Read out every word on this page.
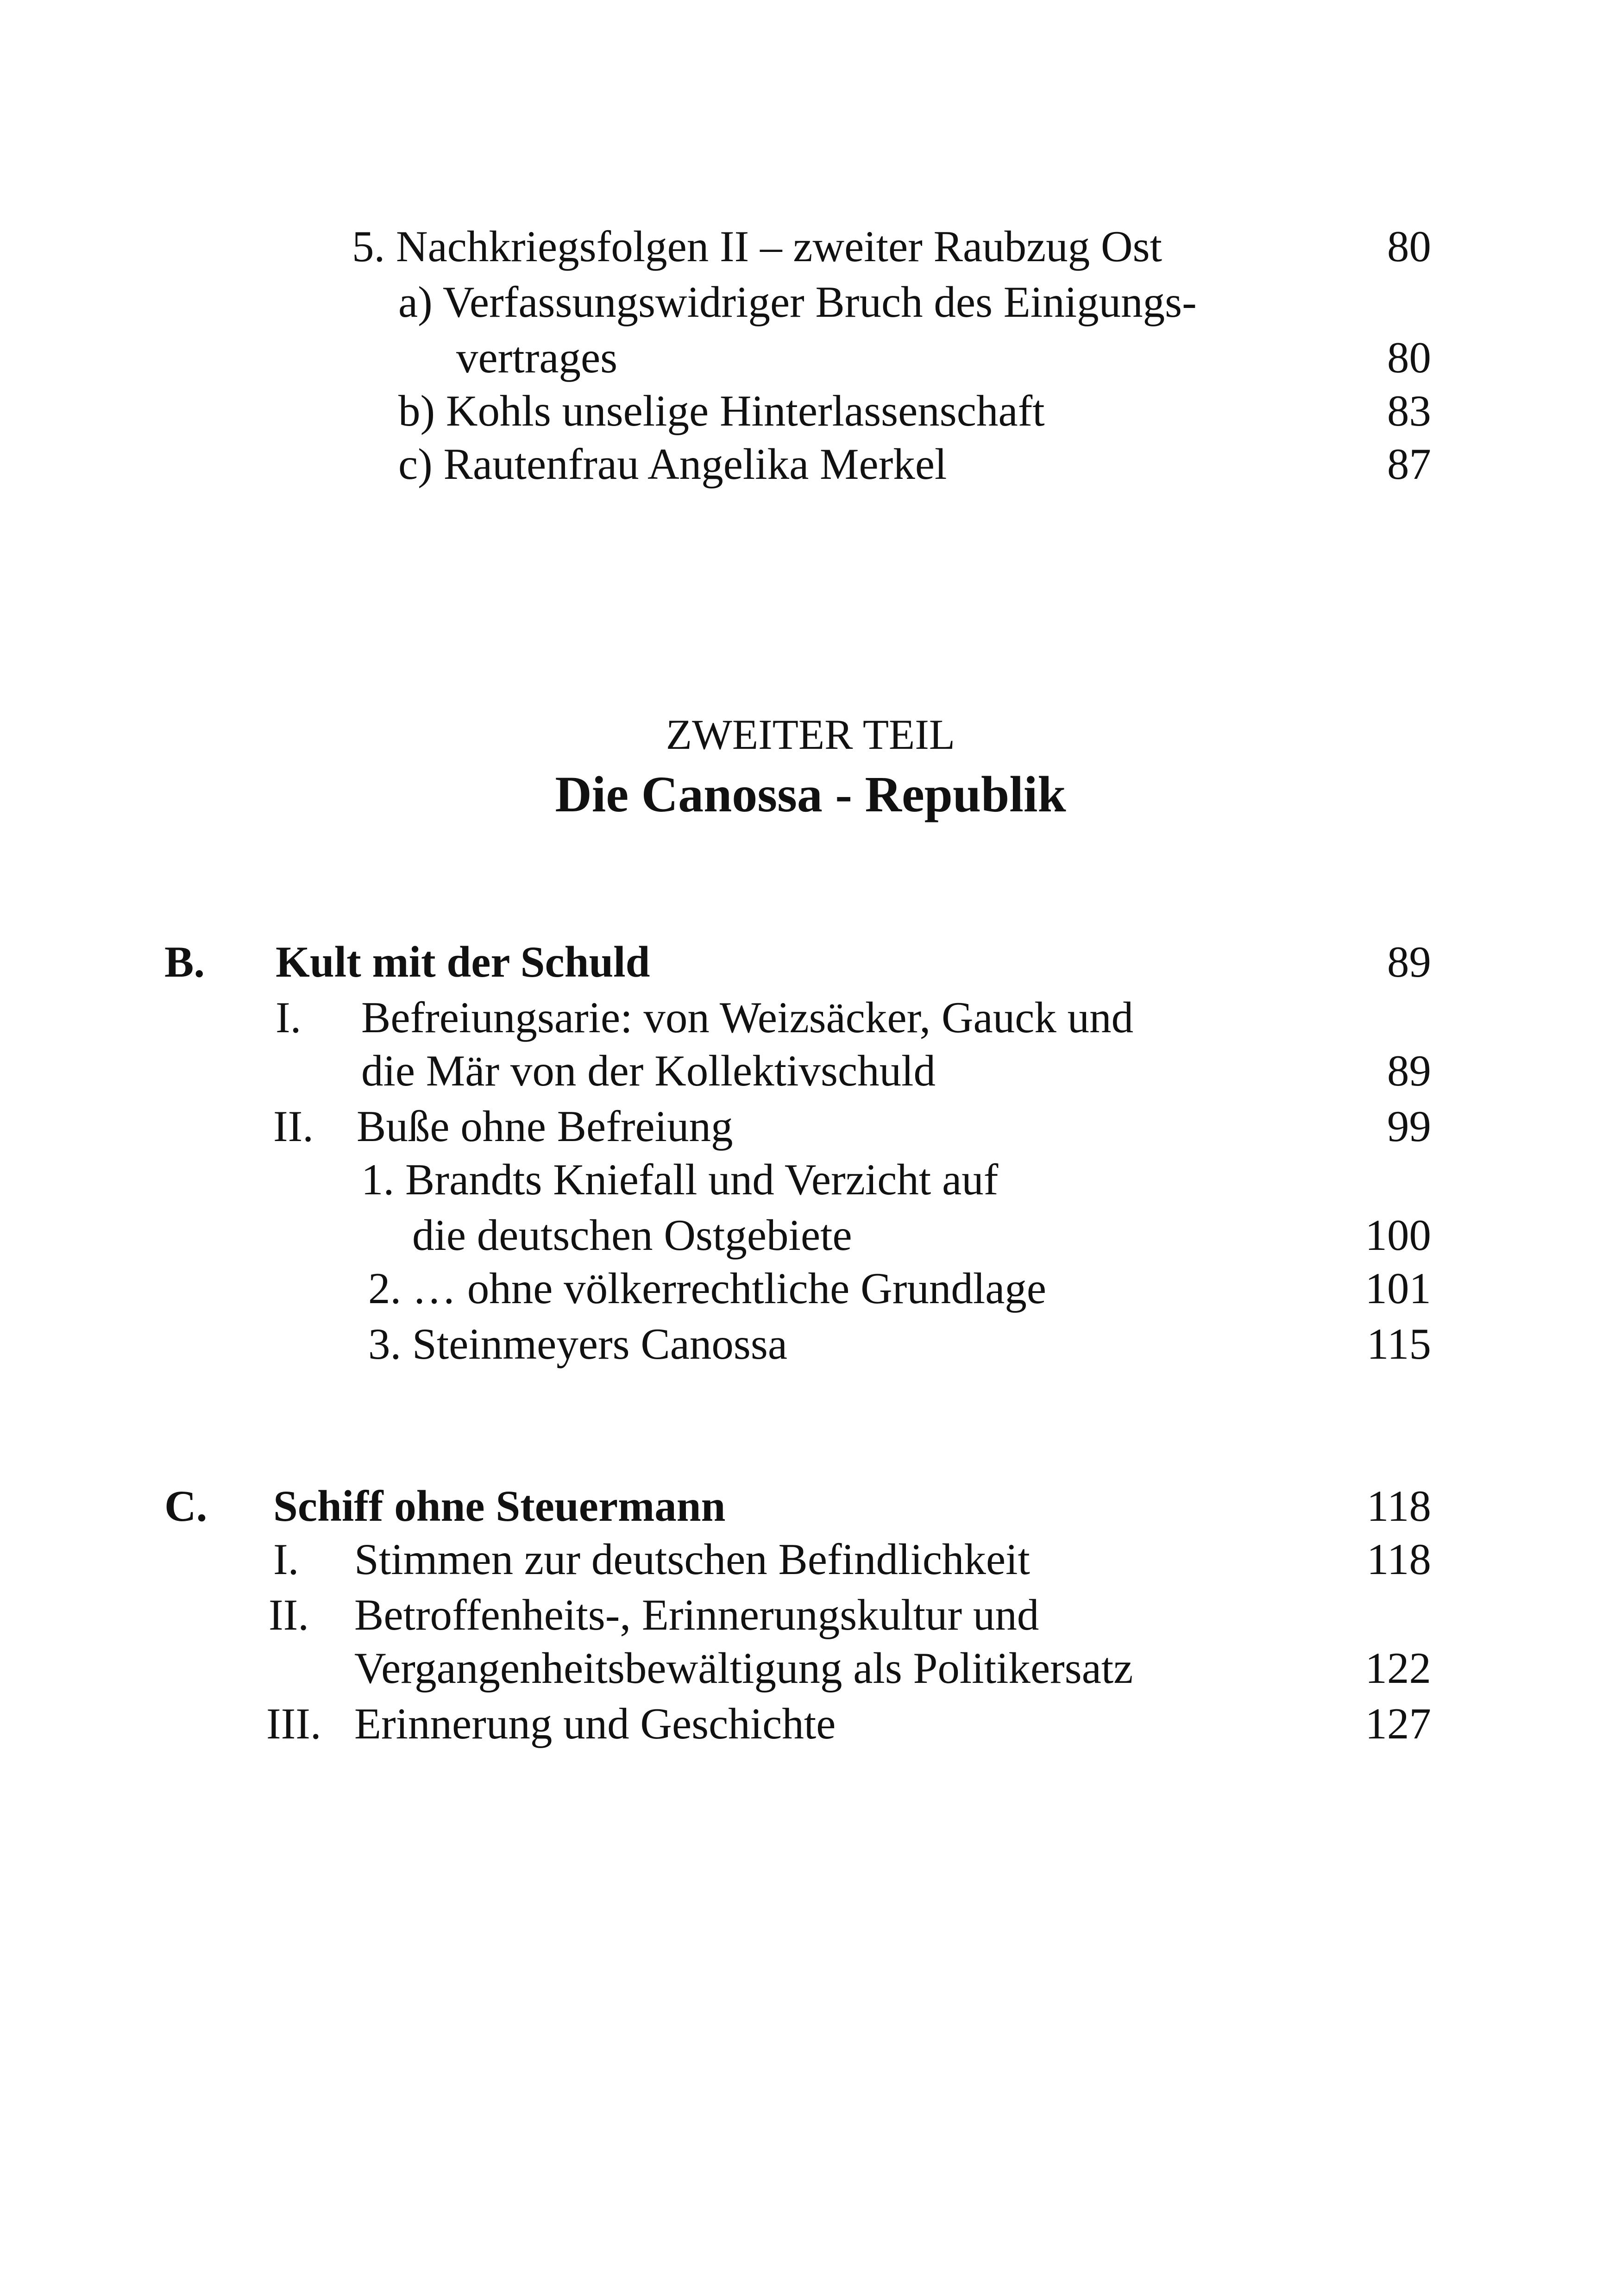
5. Nachkriegsfolgen II – zweiter Raubzug Ost	80
a) Verfassungswidriger Bruch des Einigungs-
vertrages	80
b) Kohls unselige Hinterlassenschaft	83
c) Rautenfrau Angelika Merkel	87
ZWEITER TEIL
Die Canossa - Republik
B. Kult mit der Schuld	89
I. Befreiungsarie: von Weizsäcker, Gauck und
die Mär von der Kollektivschuld	89
II. Buße ohne Befreiung	99
1. Brandts Kniefall und Verzicht auf
die deutschen Ostgebiete	100
2. … ohne völkerrechtliche Grundlage	101
3. Steinmeyers Canossa	115
C. Schiff ohne Steuermann	118
I. Stimmen zur deutschen Befindlichkeit	118
II. Betroffenheits-, Erinnerungskultur und
Vergangenheitsbewältigung als Politikersatz	122
III. Erinnerung und Geschichte	127
